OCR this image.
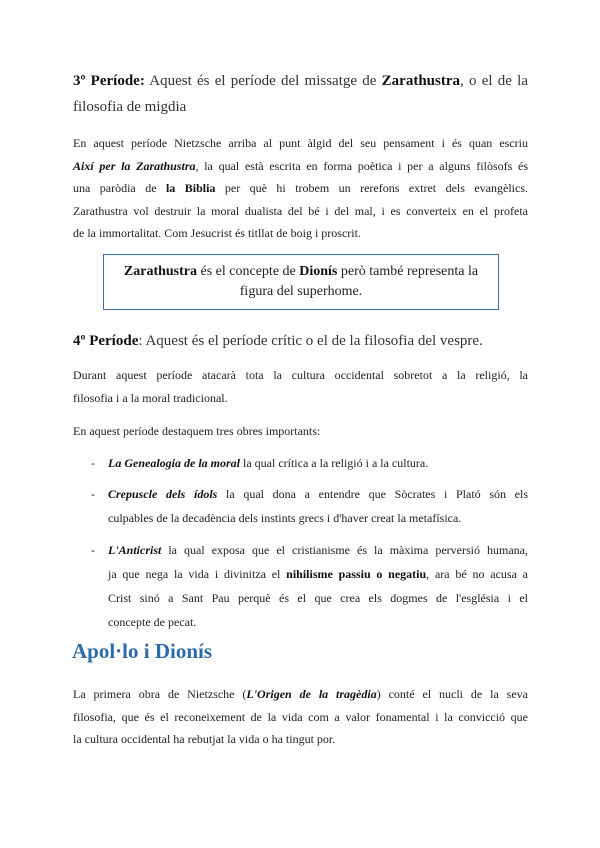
3º Període: Aquest és el període del missatge de Zarathustra, o el de la
filosofia de migdia
En aquest període Nietzsche arriba al punt àlgid del seu pensament i és quan escriu
Així per la Zarathustra, la qual està escrita en forma poètica i per a alguns filòsofs és
una paròdia de la Biblia per què hi trobem un rerefons extret dels evangèlics.
Zarathustra vol destruir la moral dualista del bé i del mal, i es converteix en el profeta
de la immortalitat. Com Jesucrist és titllat de boig i proscrit.
Zarathustra és el concepte de Dionís però també representa la
figura del superhome.
4º Període: Aquest és el període crític o el de la filosofia del vespre.
Durant aquest període atacarà tota la cultura occidental sobretot a la religió, la
filosofia i a la moral tradicional.
En aquest període destaquem tres obres importants:
- La Genealogia de la moral la qual crítica a la religió i a la cultura.
- Crepuscle dels ídols la qual dona a entendre que Sòcrates i Plató són els
culpables de la decadència dels instints grecs i d'haver creat la metafísica.
- L'Anticrist la qual exposa que el cristianisme és la màxima perversió humana,
ja que nega la vida i divinitza el nihilisme passiu o negatiu, ara bé no acusa a
Crist sinó a Sant Pau perquè és el que crea els dogmes de l'església i el
concepte de pecat.
Apol·lo i Dionís
La primera obra de Nietzsche (L'Origen de la tragèdia) conté el nucli de la seva
filosofia, que és el reconeixement de la vida com a valor fonamental i la convicció que
la cultura occidental ha rebutjat la vida o ha tingut por.
